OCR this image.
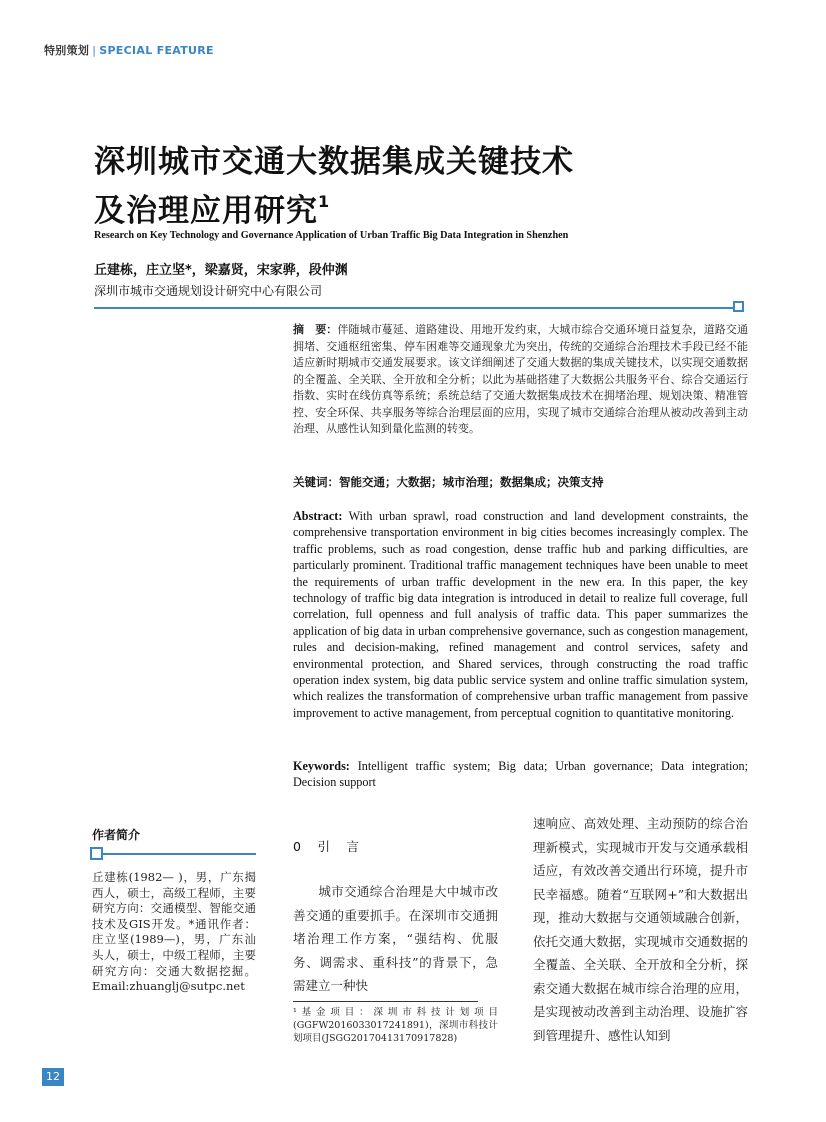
特别策划 | SPECIAL FEATURE
深圳城市交通大数据集成关键技术
及治理应用研究$^1$
Research on Key Technology and Governance Application of Urban Traffic Big Data Integration in Shenzhen
丘建栋，庄立坚*，梁嘉贤，宋家骅，段仲渊
深圳市城市交通规划设计研究中心有限公司
摘　要：伴随城市蔓延、道路建设、用地开发约束，大城市综合交通环境日益复杂，道路交通拥堵、交通枢纽密集、停车困难等交通现象尤为突出，传统的交通综合治理技术手段已经不能适应新时期城市交通发展要求。该文详细阐述了交通大数据的集成关键技术，以实现交通数据的全覆盖、全关联、全开放和全分析；以此为基础搭建了大数据公共服务平台、综合交通运行指数、实时在线仿真等系统；系统总结了交通大数据集成技术在拥堵治理、规划决策、精准管控、安全环保、共享服务等综合治理层面的应用，实现了城市交通综合治理从被动改善到主动治理、从感性认知到量化监测的转变。
关键词：智能交通；大数据；城市治理；数据集成；决策支持
Abstract: With urban sprawl, road construction and land development constraints, the comprehensive transportation environment in big cities becomes increasingly complex. The traffic problems, such as road congestion, dense traffic hub and parking difficulties, are particularly prominent. Traditional traffic management techniques have been unable to meet the requirements of urban traffic development in the new era. In this paper, the key technology of traffic big data integration is introduced in detail to realize full coverage, full correlation, full openness and full analysis of traffic data. This paper summarizes the application of big data in urban comprehensive governance, such as congestion management, rules and decision-making, refined management and control services, safety and environmental protection, and Shared services, through constructing the road traffic operation index system, big data public service system and online traffic simulation system, which realizes the transformation of comprehensive urban traffic management from passive improvement to active management, from perceptual cognition to quantitative monitoring.
Keywords: Intelligent traffic system; Big data; Urban governance; Data integration; Decision support
作者简介
丘建栋(1982— )，男，广东揭西人，硕士，高级工程师，主要研究方向：交通模型、智能交通技术及GIS开发。*通讯作者：庄立坚(1989—)，男，广东汕头人，硕士，中级工程师，主要研究方向：交通大数据挖掘。Email:zhuanglj@sutpc.net
0　引　言
城市交通综合治理是大中城市改善交通的重要抓手。在深圳市交通拥堵治理工作方案，“强结构、优服务、调需求、重科技”的背景下，急需建立一种快
¹基金项目：深圳市科技计划项目(GGFW2016033017241891)，深圳市科技计划项目(JSGG20170413170917828)
速响应、高效处理、主动预防的综合治理新模式，实现城市开发与交通承载相适应，有效改善交通出行环境，提升市民幸福感。随着“互联网+”和大数据出现，推动大数据与交通领域融合创新，依托交通大数据，实现城市交通数据的全覆盖、全关联、全开放和全分析，探索交通大数据在城市综合治理的应用，是实现被动改善到主动治理、设施扩容到管理提升、感性认知到
12
